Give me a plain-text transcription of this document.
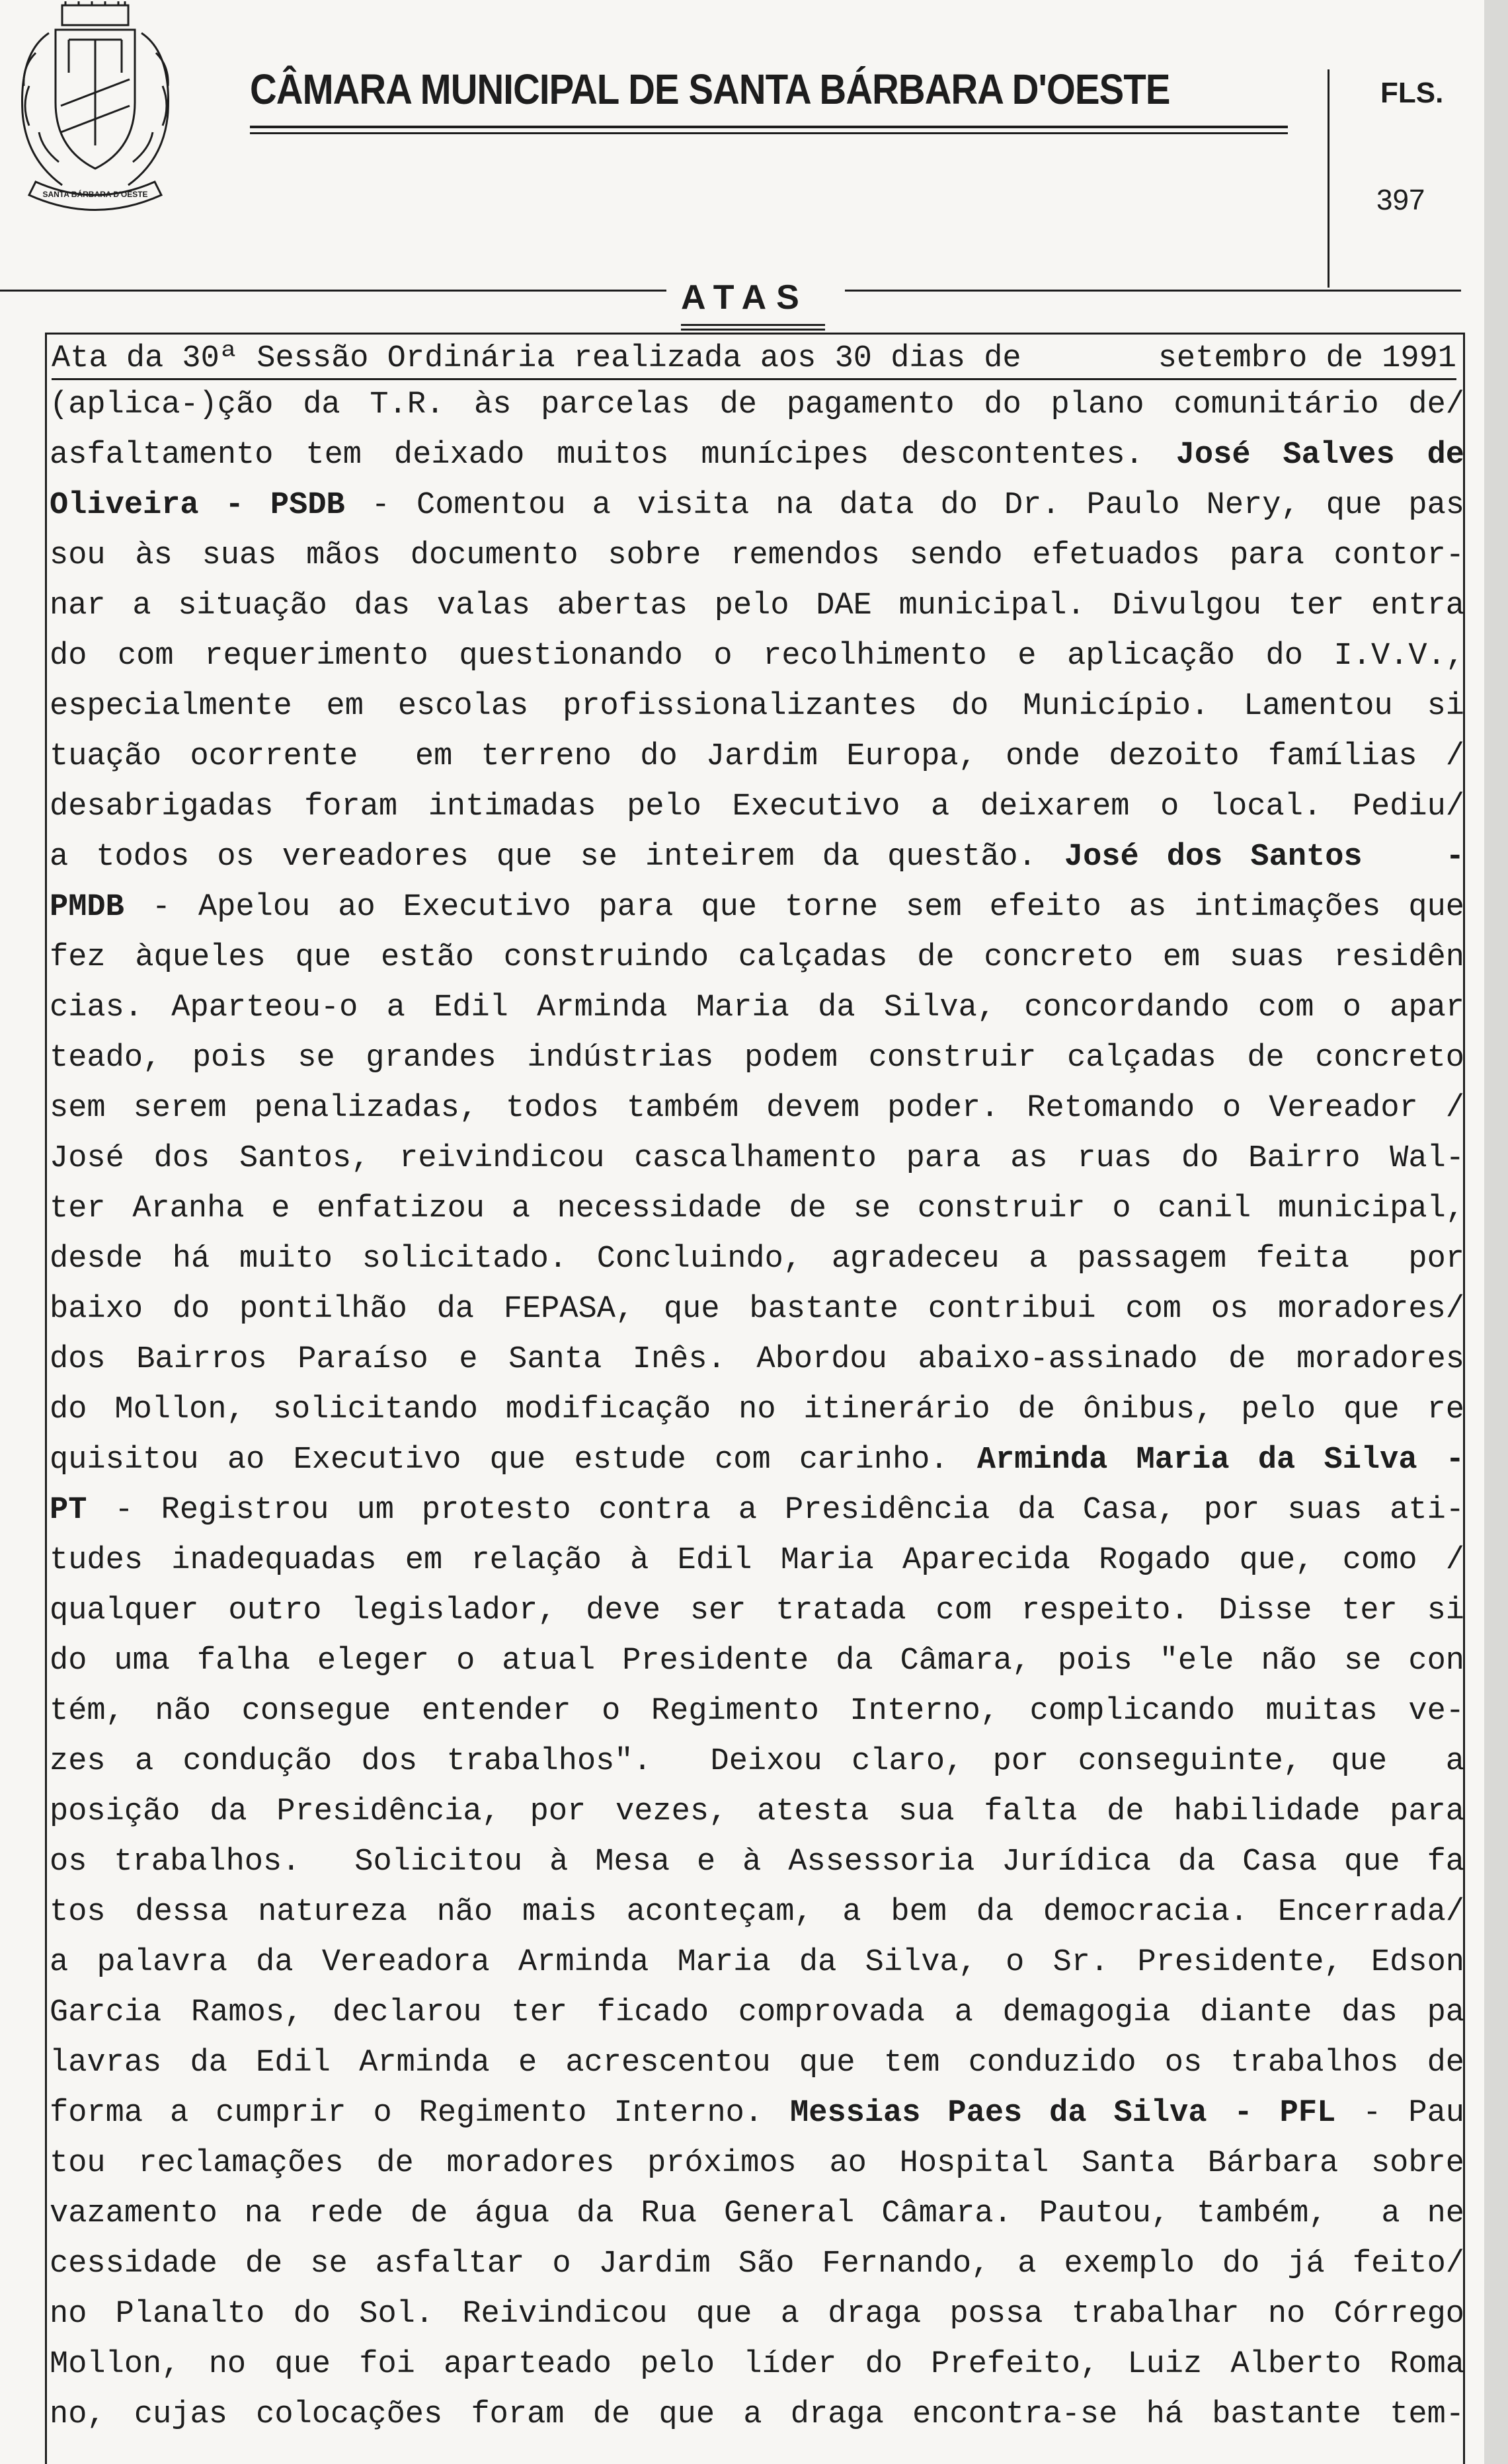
SANTA BÁRBARA D'OESTE
CÂMARA MUNICIPAL DE SANTA BÁRBARA D'OESTE	FLS.
397
ATAS
Ata da 30ª Sessão Ordinária realizada aos 30 dias de	setembro de 1991
(aplica-)ção da T.R. às parcelas de pagamento do plano comunitário de/
asfaltamento tem deixado muitos munícipes descontentes. José Salves de
Oliveira - PSDB - Comentou a visita na data do Dr. Paulo Nery, que pas
sou às suas mãos documento sobre remendos sendo efetuados para contor-
nar a situação das valas abertas pelo DAE municipal. Divulgou ter entra
do com requerimento questionando o recolhimento e aplicação do I.V.V.,
especialmente em escolas profissionalizantes do Município. Lamentou si
tuação ocorrente  em terreno do Jardim Europa, onde dezoito famílias /
desabrigadas foram intimadas pelo Executivo a deixarem o local. Pediu/
a todos os vereadores que se inteirem da questão. José dos Santos   -
PMDB - Apelou ao Executivo para que torne sem efeito as intimações que
fez àqueles que estão construindo calçadas de concreto em suas residên
cias. Aparteou-o a Edil Arminda Maria da Silva, concordando com o apar
teado, pois se grandes indústrias podem construir calçadas de concreto
sem serem penalizadas, todos também devem poder. Retomando o Vereador /
José dos Santos, reivindicou cascalhamento para as ruas do Bairro Wal-
ter Aranha e enfatizou a necessidade de se construir o canil municipal,
desde há muito solicitado. Concluindo, agradeceu a passagem feita  por
baixo do pontilhão da FEPASA, que bastante contribui com os moradores/
dos Bairros Paraíso e Santa Inês. Abordou abaixo-assinado de moradores
do Mollon, solicitando modificação no itinerário de ônibus, pelo que re
quisitou ao Executivo que estude com carinho. Arminda Maria da Silva -
PT - Registrou um protesto contra a Presidência da Casa, por suas ati-
tudes inadequadas em relação à Edil Maria Aparecida Rogado que, como /
qualquer outro legislador, deve ser tratada com respeito. Disse ter si
do uma falha eleger o atual Presidente da Câmara, pois "ele não se con
tém, não consegue entender o Regimento Interno, complicando muitas ve-
zes a condução dos trabalhos".  Deixou claro, por conseguinte, que  a
posição da Presidência, por vezes, atesta sua falta de habilidade para
os trabalhos.  Solicitou à Mesa e à Assessoria Jurídica da Casa que fa
tos dessa natureza não mais aconteçam, a bem da democracia. Encerrada/
a palavra da Vereadora Arminda Maria da Silva, o Sr. Presidente, Edson
Garcia Ramos, declarou ter ficado comprovada a demagogia diante das pa
lavras da Edil Arminda e acrescentou que tem conduzido os trabalhos de
forma a cumprir o Regimento Interno. Messias Paes da Silva - PFL - Pau
tou reclamações de moradores próximos ao Hospital Santa Bárbara sobre
vazamento na rede de água da Rua General Câmara. Pautou, também,  a ne
cessidade de se asfaltar o Jardim São Fernando, a exemplo do já feito/
no Planalto do Sol. Reivindicou que a draga possa trabalhar no Córrego
Mollon, no que foi aparteado pelo líder do Prefeito, Luiz Alberto Roma
no, cujas colocações foram de que a draga encontra-se há bastante tem-
